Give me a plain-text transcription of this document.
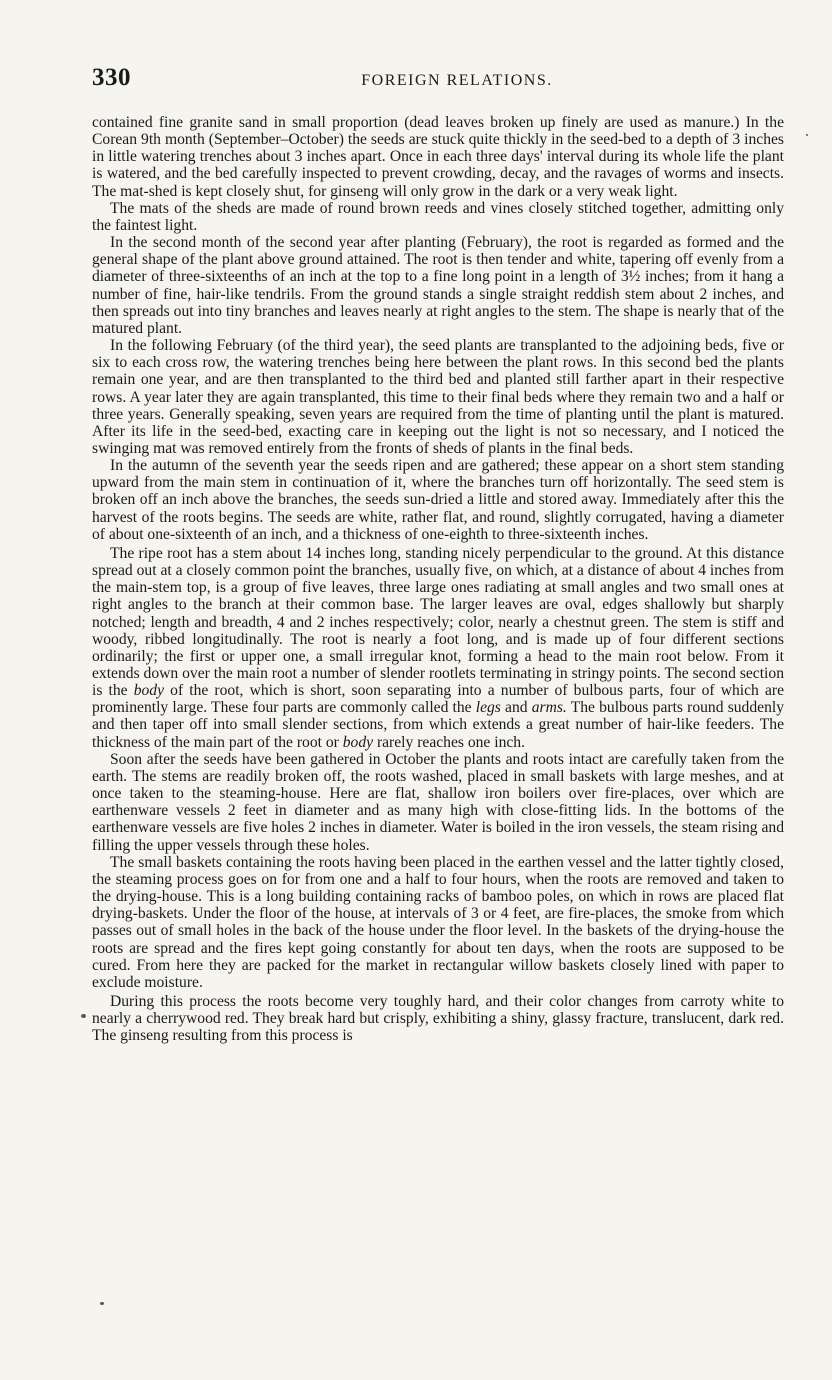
330	FOREIGN RELATIONS.

contained fine granite sand in small proportion (dead leaves broken up finely are used as manure.) In the Corean 9th month (September–October) the seeds are stuck quite thickly in the seed-bed to a depth of 3 inches in little watering trenches about 3 inches apart. Once in each three days' interval during its whole life the plant is watered, and the bed carefully inspected to prevent crowding, decay, and the ravages of worms and insects. The mat-shed is kept closely shut, for ginseng will only grow in the dark or a very weak light.

The mats of the sheds are made of round brown reeds and vines closely stitched together, admitting only the faintest light.

In the second month of the second year after planting (February), the root is regarded as formed and the general shape of the plant above ground attained. The root is then tender and white, tapering off evenly from a diameter of three-sixteenths of an inch at the top to a fine long point in a length of 3½ inches; from it hang a number of fine, hair-like tendrils. From the ground stands a single straight reddish stem about 2 inches, and then spreads out into tiny branches and leaves nearly at right angles to the stem. The shape is nearly that of the matured plant.

In the following February (of the third year), the seed plants are transplanted to the adjoining beds, five or six to each cross row, the watering trenches being here between the plant rows. In this second bed the plants remain one year, and are then transplanted to the third bed and planted still farther apart in their respective rows. A year later they are again transplanted, this time to their final beds where they remain two and a half or three years. Generally speaking, seven years are required from the time of planting until the plant is matured. After its life in the seed-bed, exacting care in keeping out the light is not so necessary, and I noticed the swinging mat was removed entirely from the fronts of sheds of plants in the final beds.

In the autumn of the seventh year the seeds ripen and are gathered; these appear on a short stem standing upward from the main stem in continuation of it, where the branches turn off horizontally. The seed stem is broken off an inch above the branches, the seeds sun-dried a little and stored away. Immediately after this the harvest of the roots begins. The seeds are white, rather flat, and round, slightly corrugated, having a diameter of about one-sixteenth of an inch, and a thickness of one-eighth to three-sixteenth inches.

The ripe root has a stem about 14 inches long, standing nicely perpendicular to the ground. At this distance spread out at a closely common point the branches, usually five, on which, at a distance of about 4 inches from the main-stem top, is a group of five leaves, three large ones radiating at small angles and two small ones at right angles to the branch at their common base. The larger leaves are oval, edges shallowly but sharply notched; length and breadth, 4 and 2 inches respectively; color, nearly a chestnut green. The stem is stiff and woody, ribbed longitudinally. The root is nearly a foot long, and is made up of four different sections ordinarily; the first or upper one, a small irregular knot, forming a head to the main root below. From it extends down over the main root a number of slender rootlets terminating in stringy points. The second section is the body of the root, which is short, soon separating into a number of bulbous parts, four of which are prominently large. These four parts are commonly called the legs and arms. The bulbous parts round suddenly and then taper off into small slender sections, from which extends a great number of hair-like feeders. The thickness of the main part of the root or body rarely reaches one inch.

Soon after the seeds have been gathered in October the plants and roots intact are carefully taken from the earth. The stems are readily broken off, the roots washed, placed in small baskets with large meshes, and at once taken to the steaming-house. Here are flat, shallow iron boilers over fire-places, over which are earthenware vessels 2 feet in diameter and as many high with close-fitting lids. In the bottoms of the earthenware vessels are five holes 2 inches in diameter. Water is boiled in the iron vessels, the steam rising and filling the upper vessels through these holes.

The small baskets containing the roots having been placed in the earthen vessel and the latter tightly closed, the steaming process goes on for from one and a half to four hours, when the roots are removed and taken to the drying-house. This is a long building containing racks of bamboo poles, on which in rows are placed flat drying-baskets. Under the floor of the house, at intervals of 3 or 4 feet, are fire-places, the smoke from which passes out of small holes in the back of the house under the floor level. In the baskets of the drying-house the roots are spread and the fires kept going constantly for about ten days, when the roots are supposed to be cured. From here they are packed for the market in rectangular willow baskets closely lined with paper to exclude moisture.

During this process the roots become very toughly hard, and their color changes from carroty white to nearly a cherrywood red. They break hard but crisply, exhibiting a shiny, glassy fracture, translucent, dark red. The ginseng resulting from this process is
